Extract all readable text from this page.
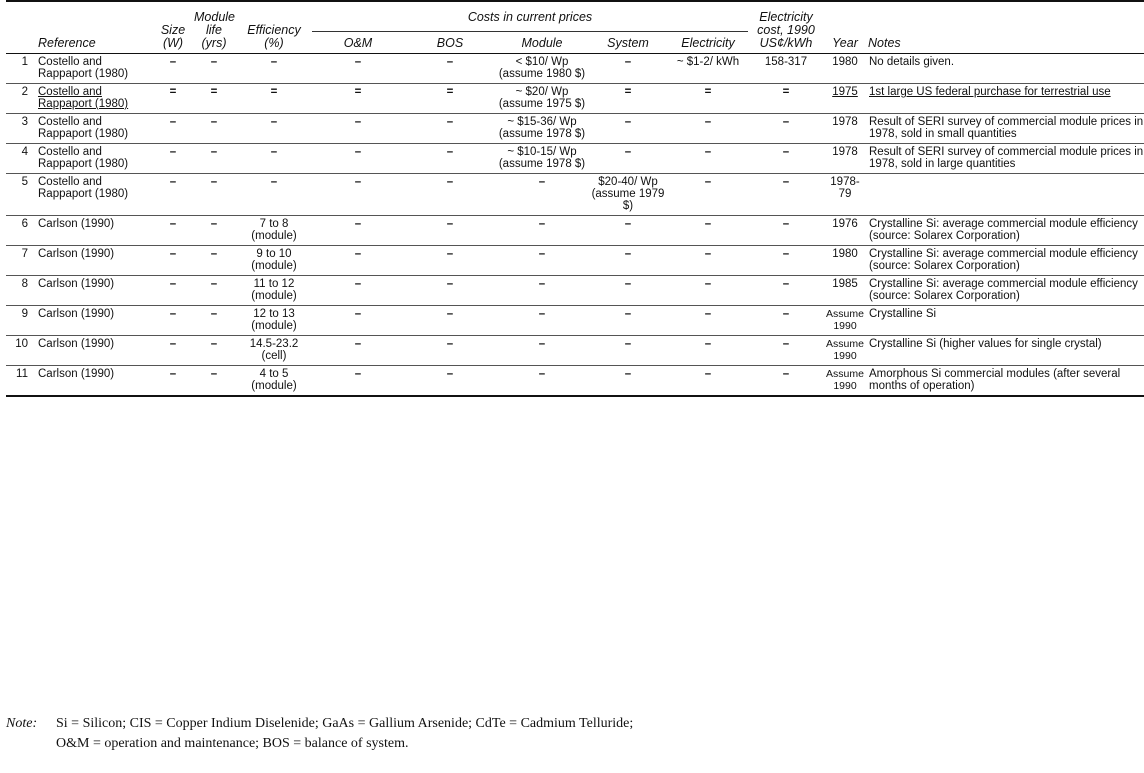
	Reference	Size (W)	Module life (yrs)	Efficiency (%)	Costs in current prices					Electricity cost, 1990 US¢/kWh	Year	Notes
					O&M	BOS	Module	System	Electricity			
1	Costello and Rappaport (1980)	–	–	–	–	–	< $10/ Wp (assume 1980 $)	–	~ $1-2/ kWh	158-317	1980	No details given.
2	Costello and Rappaport (1980)	=	=	=	=	=	~ $20/ Wp (assume 1975 $)	=	=	=	1975	1st large US federal purchase for terrestrial use
3	Costello and Rappaport (1980)	–	–	–	–	–	~ $15-36/ Wp (assume 1978 $)	–	–	–	1978	Result of SERI survey of commercial module prices in 1978, sold in small quantities
4	Costello and Rappaport (1980)	–	–	–	–	–	~ $10-15/ Wp (assume 1978 $)	–	–	–	1978	Result of SERI survey of commercial module prices in 1978, sold in large quantities
5	Costello and Rappaport (1980)	–	–	–	–	–	–	$20-40/ Wp (assume 1979 $)	–	–	1978-79	
6	Carlson (1990)	–	–	7 to 8 (module)	–	–	–	–	–	–	1976	Crystalline Si: average commercial module efficiency (source: Solarex Corporation)
7	Carlson (1990)	–	–	9 to 10 (module)	–	–	–	–	–	–	1980	Crystalline Si: average commercial module efficiency (source: Solarex Corporation)
8	Carlson (1990)	–	–	11 to 12 (module)	–	–	–	–	–	–	1985	Crystalline Si: average commercial module efficiency (source: Solarex Corporation)
9	Carlson (1990)	–	–	12 to 13 (module)	–	–	–	–	–	–	Assume 1990	Crystalline Si
10	Carlson (1990)	–	–	14.5-23.2 (cell)	–	–	–	–	–	–	Assume 1990	Crystalline Si (higher values for single crystal)
11	Carlson (1990)	–	–	4 to 5 (module)	–	–	–	–	–	–	Assume 1990	Amorphous Si commercial modules (after several months of operation)
Note: Si = Silicon; CIS = Copper Indium Diselenide; GaAs = Gallium Arsenide; CdTe = Cadmium Telluride;
O&M = operation and maintenance; BOS = balance of system.
